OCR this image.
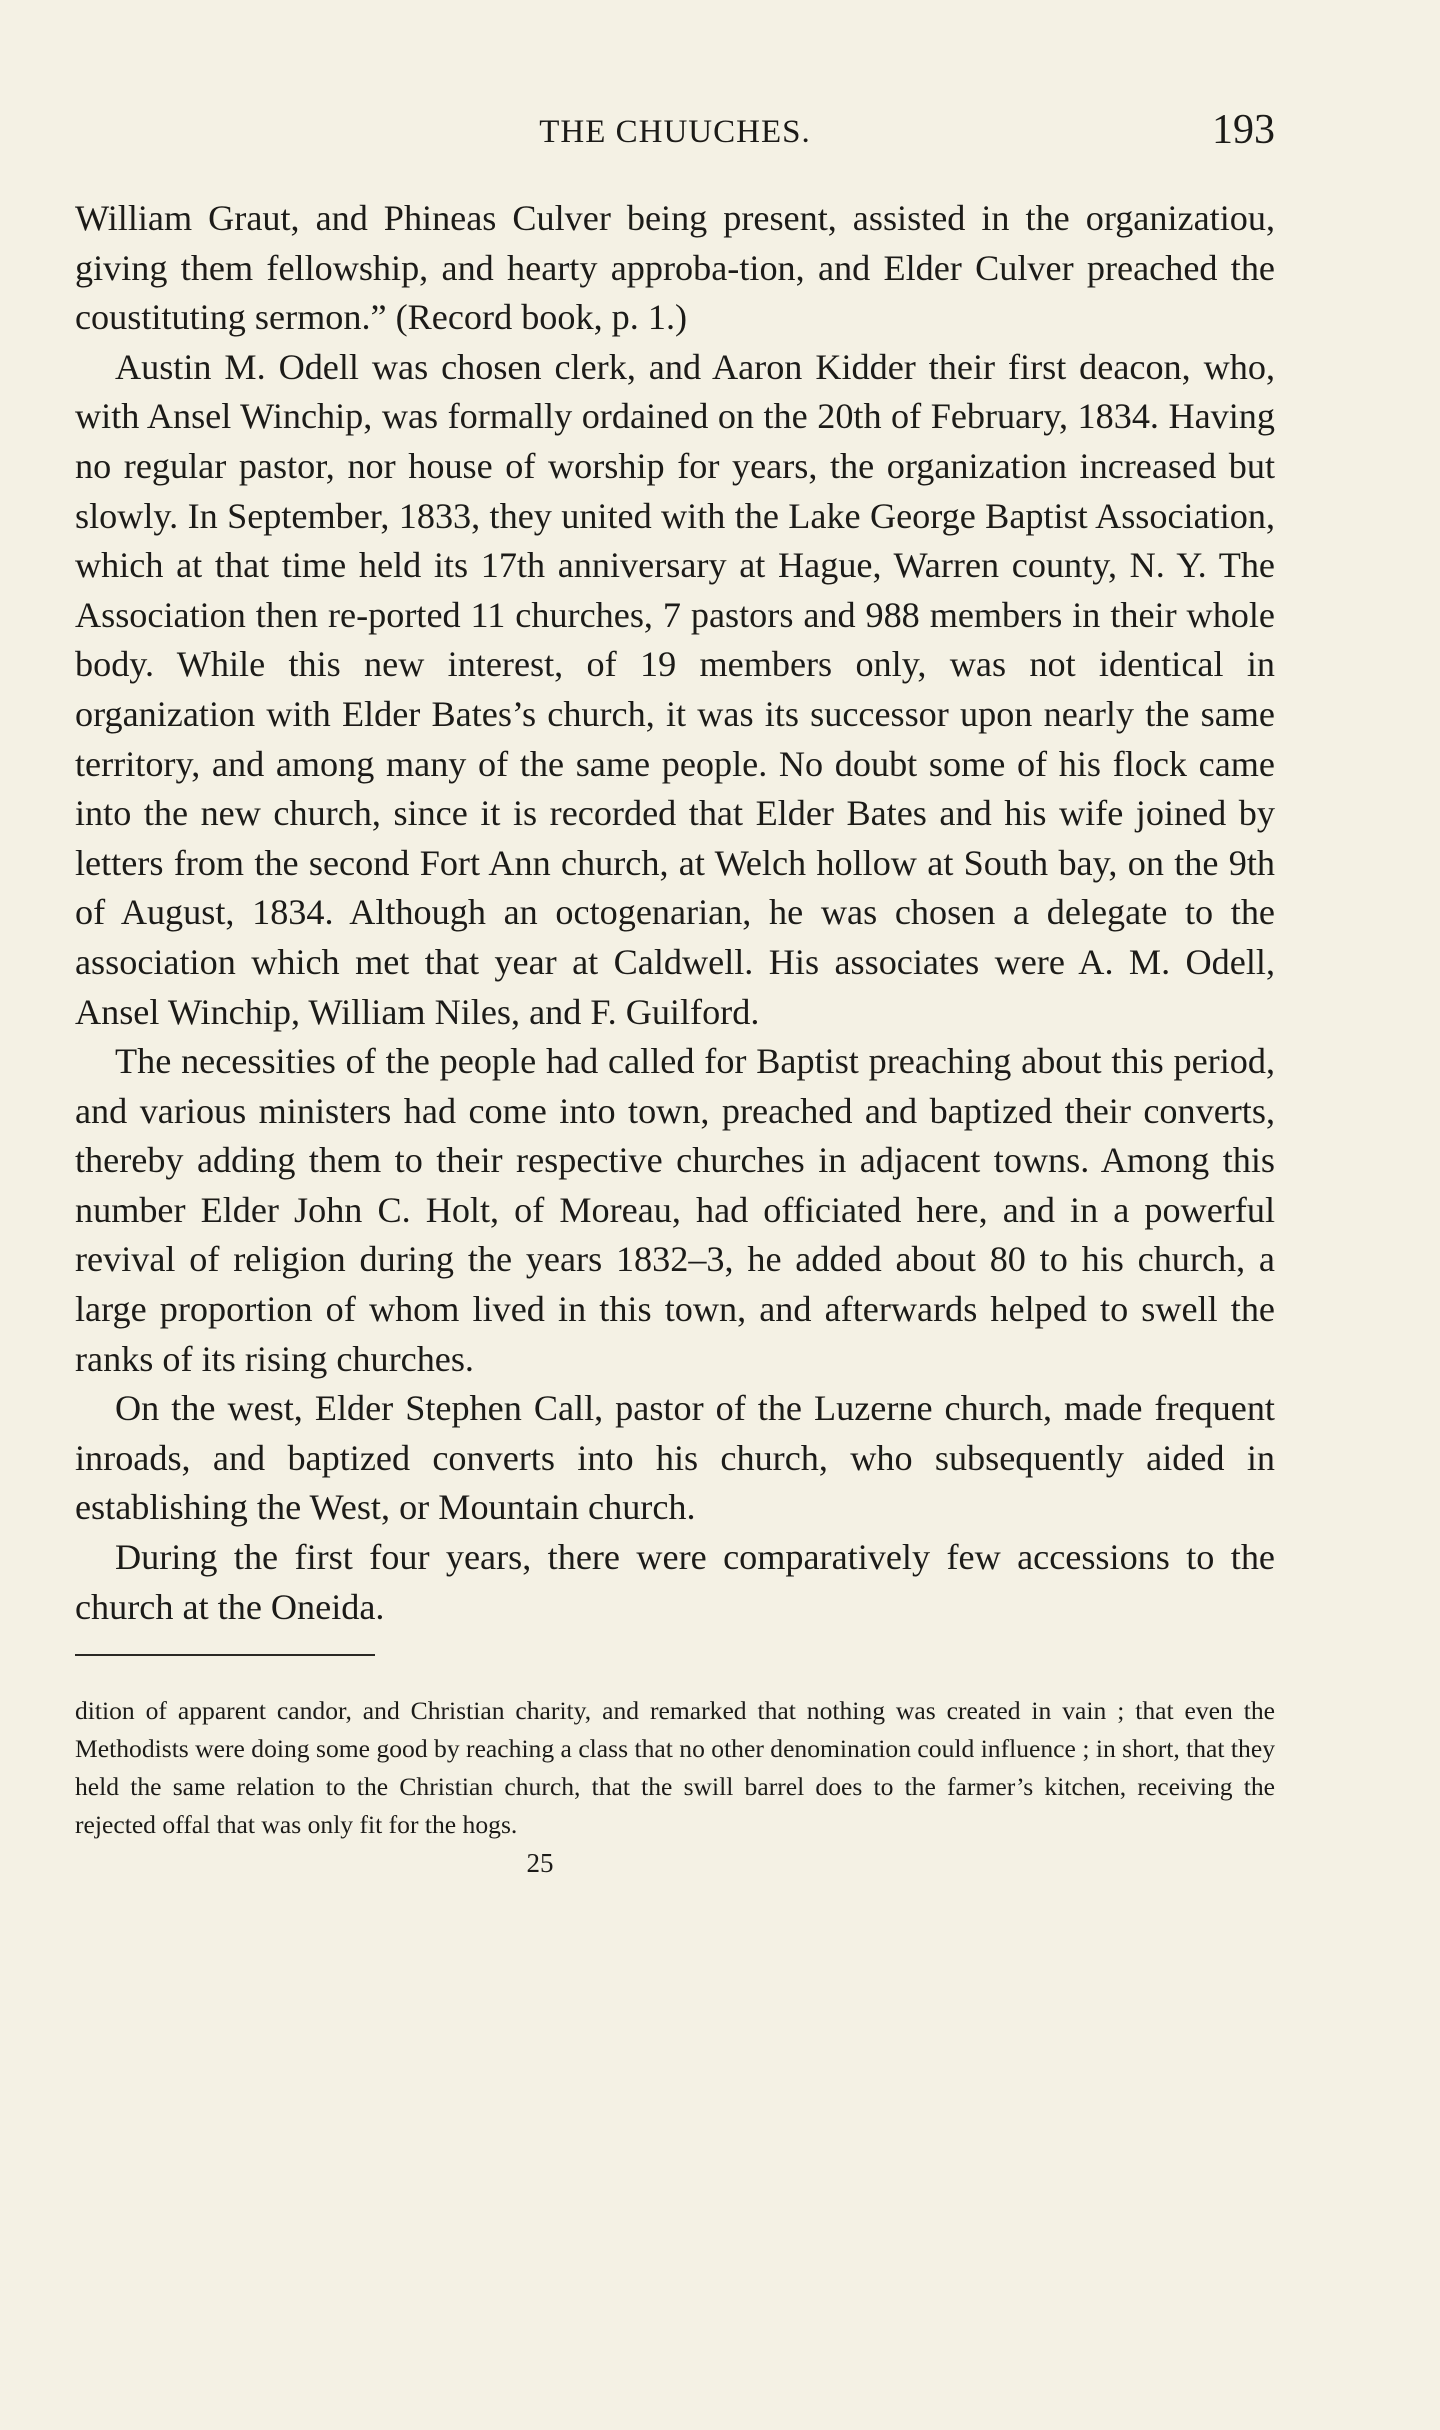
THE CHUUCHES.	193

William Graut, and Phineas Culver being present, assisted in the organizatiou, giving them fellowship, and hearty approba-tion, and Elder Culver preached the coustituting sermon.” (Record book, p. 1.)

Austin M. Odell was chosen clerk, and Aaron Kidder their first deacon, who, with Ansel Winchip, was formally ordained on the 20th of February, 1834. Having no regular pastor, nor house of worship for years, the organization increased but slowly. In September, 1833, they united with the Lake George Baptist Association, which at that time held its 17th anniversary at Hague, Warren county, N. Y. The Association then re-ported 11 churches, 7 pastors and 988 members in their whole body. While this new interest, of 19 members only, was not identical in organization with Elder Bates’s church, it was its successor upon nearly the same territory, and among many of the same people. No doubt some of his flock came into the new church, since it is recorded that Elder Bates and his wife joined by letters from the second Fort Ann church, at Welch hollow at South bay, on the 9th of August, 1834. Although an octogenarian, he was chosen a delegate to the association which met that year at Caldwell. His associates were A. M. Odell, Ansel Winchip, William Niles, and F. Guilford.

The necessities of the people had called for Baptist preaching about this period, and various ministers had come into town, preached and baptized their converts, thereby adding them to their respective churches in adjacent towns. Among this number Elder John C. Holt, of Moreau, had officiated here, and in a powerful revival of religion during the years 1832–3, he added about 80 to his church, a large proportion of whom lived in this town, and afterwards helped to swell the ranks of its rising churches.

On the west, Elder Stephen Call, pastor of the Luzerne church, made frequent inroads, and baptized converts into his church, who subsequently aided in establishing the West, or Mountain church.

During the first four years, there were comparatively few accessions to the church at the Oneida.

dition of apparent candor, and Christian charity, and remarked that nothing was created in vain ; that even the Methodists were doing some good by reaching a class that no other denomination could influence ; in short, that they held the same relation to the Christian church, that the swill barrel does to the farmer’s kitchen, receiving the rejected offal that was only fit for the hogs.
25
